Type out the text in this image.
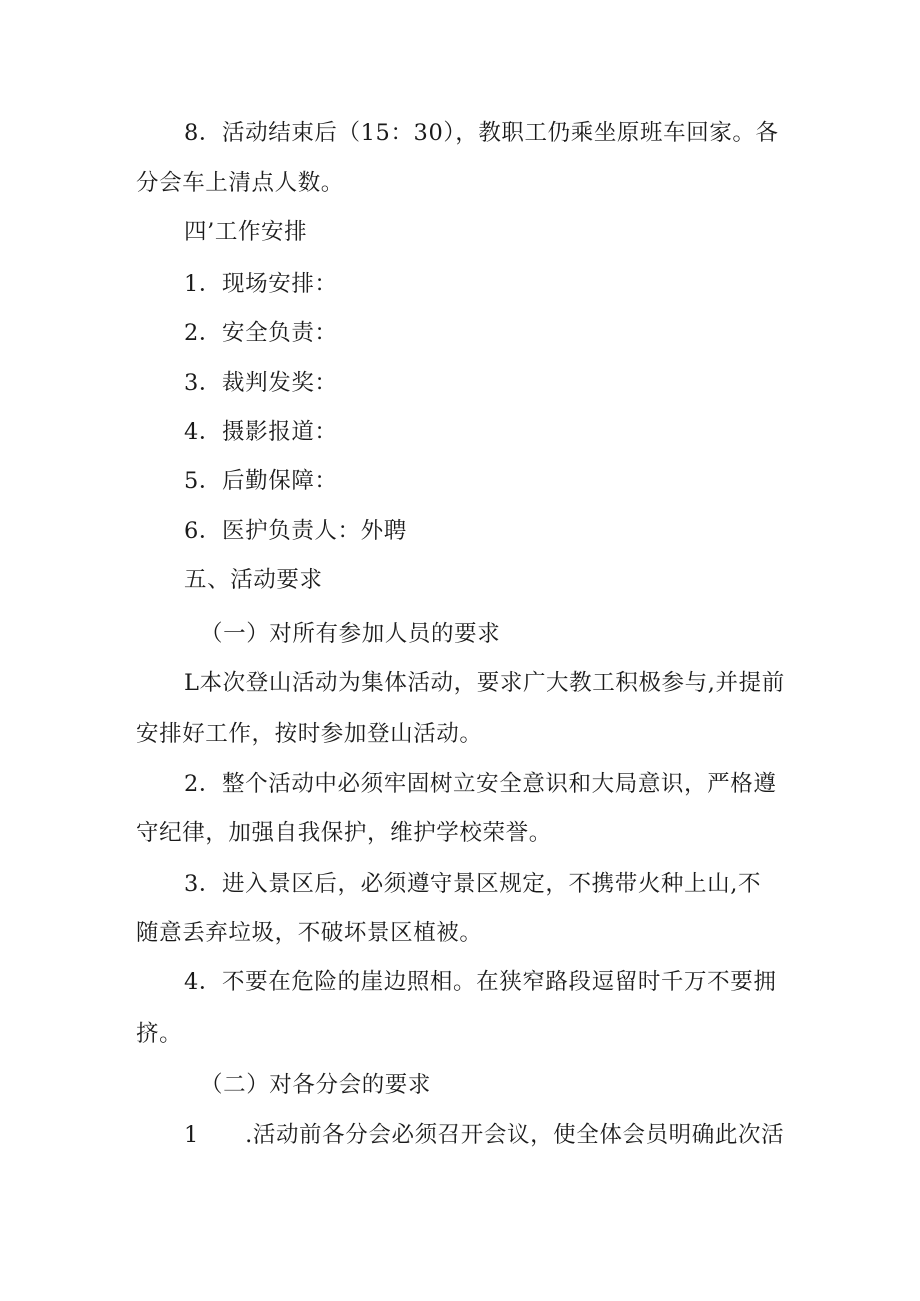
8．活动结束后（15：30），教职工仍乘坐原班车回家。各
分会车上清点人数。
四’工作安排
1．现场安排：
2．安全负责：
3．裁判发奖：
4．摄影报道：
5．后勤保障：
6．医护负责人：外聘
五、活动要求
（一）对所有参加人员的要求
L本次登山活动为集体活动，要求广大教工积极参与,并提前
安排好工作，按时参加登山活动。
2．整个活动中必须牢固树立安全意识和大局意识，严格遵
守纪律，加强自我保护，维护学校荣誉。
3．进入景区后，必须遵守景区规定，不携带火种上山,不
随意丢弃垃圾，不破坏景区植被。
4．不要在危险的崖边照相。在狭窄路段逗留时千万不要拥
挤。
（二）对各分会的要求
1　　.活动前各分会必须召开会议，使全体会员明确此次活
